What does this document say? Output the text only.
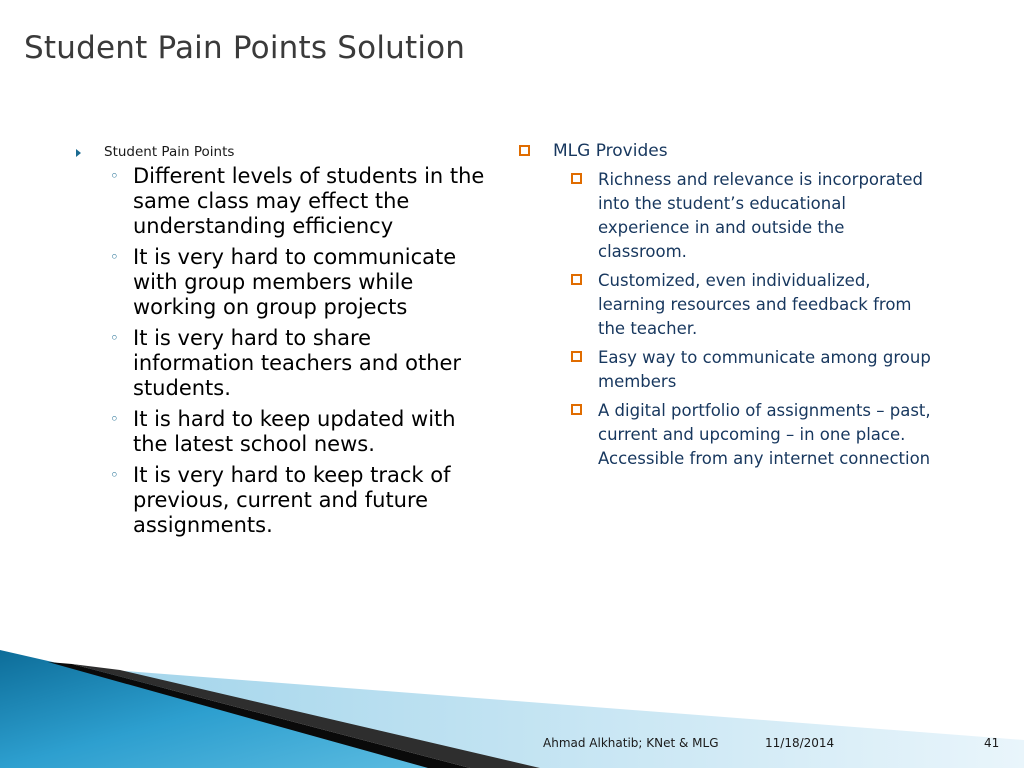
Student Pain Points Solution
Student Pain Points
◦ Different levels of students in the same class may effect the understanding efficiency
◦ It is very hard to communicate with group members while working on group projects
◦ It is very hard to share information teachers and other students.
◦ It is hard to keep updated with the latest school news.
◦ It is very hard to keep track of previous, current and future assignments.
MLG Provides
Richness and relevance is incorporated into the student’s educational experience in and outside the classroom.
Customized, even individualized, learning resources and feedback from the teacher.
Easy way to communicate among group members
A digital portfolio of assignments – past, current and upcoming – in one place. Accessible from any internet connection
Ahmad Alkhatib; KNet & MLG	11/18/2014	41
